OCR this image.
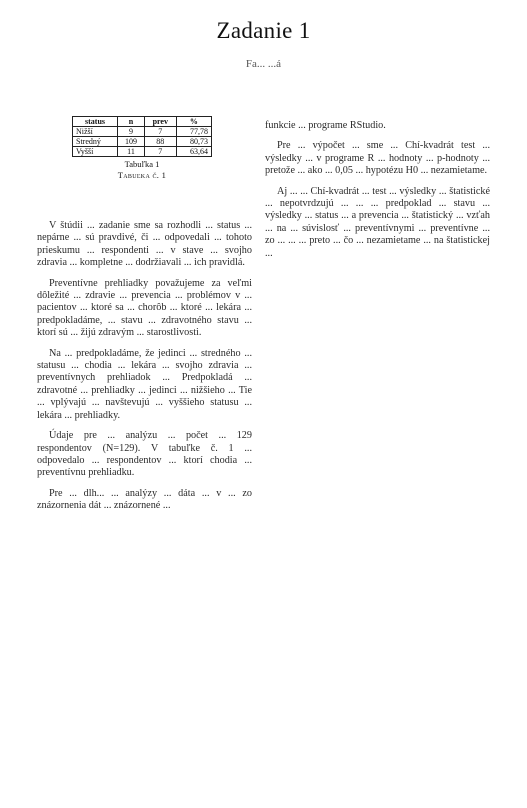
Zadanie 1
Fa... ...á
status	n	prev	%
Nižší	9	7	77,78
Stredný	109	88	80,73
Vyšší	11	7	63,64
Tabuľka 1
Tabuľka č. 1

V štúdii ... zadanie sme sa rozhodli ... status ... nepárne ... sú pravdivé, či ... odpovedali ... tohoto prieskumu ... respondenti ... v stave ... svojho zdravia ... kompletne ... dodržiavali ... ich pravidlá.

Preventívne prehliadky považujeme za veľmi dôležité ... zdravie ... prevencia ... problémov v ... pacientov ... ktoré sa ... chorôb ... ktoré ... lekára ... predpokladáme, ... stavu ... zdravotného stavu ... ktorí sú ... žijú zdravým ... starostlivosti.

Na ... predpokladáme, že jedinci ... stredného ... statusu ... chodia ... lekára ... svojho zdravia ... preventívnych prehliadok ... Predpokladá ... zdravotné ... prehliadky ... jedinci ... nižšieho ... Tie ... vplývajú ... navštevujú ... vyššieho statusu ... lekára ... prehliadky.

Údaje pre ... analýzu ... počet ... 129 respondentov (N=129). V tabuľke č. 1 ... odpovedalo ... respondentov ... ktorí chodia ... preventívnu prehliadku.

Pre ... dlh... ... analýzy ... dáta ... v ... zo znázornenia dát ... znázornené ...

funkcie ... programe RStudio.

Pre ... výpočet ... sme ... Chí-kvadrát test ... výsledky ... v programe R ... hodnoty ... p-hodnoty ... pretože ... ako ... 0,05 ... hypotézu H0 ... nezamietame.

Aj ... ... Chí-kvadrát ... test ... výsledky ... štatistické ... nepotvrdzujú ... ... ... predpoklad ... stavu ... výsledky ... status ... a prevencia ... štatistický ... vzťah ... na ... súvislosť ... preventívnymi ... preventívne ... zo ... ... ... preto ... čo ... nezamietame ... na štatistickej ...
